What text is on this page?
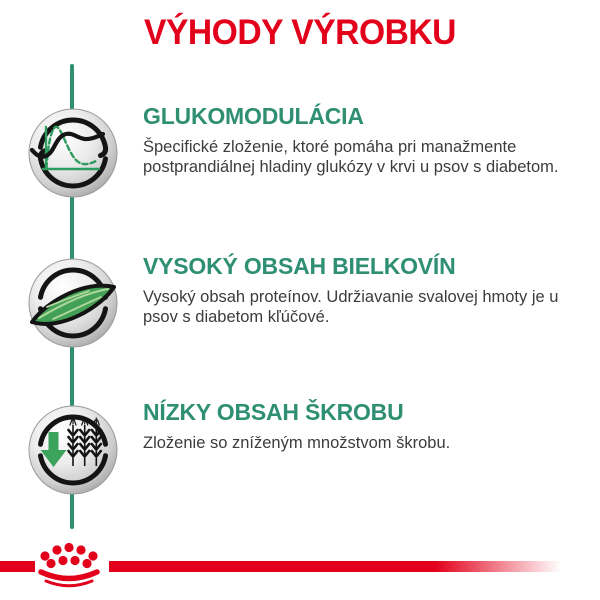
VÝHODY VÝROBKU
GLUKOMODULÁCIA

Špecifické zloženie, ktoré pomáha pri manažmente postprandiálnej hladiny glukózy v krvi u psov s diabetom.

VYSOKÝ OBSAH BIELKOVÍN

Vysoký obsah proteínov. Udržiavanie svalovej hmoty je u psov s diabetom kľúčové.

NÍZKY OBSAH ŠKROBU

Zloženie so zníženým množstvom škrobu.
